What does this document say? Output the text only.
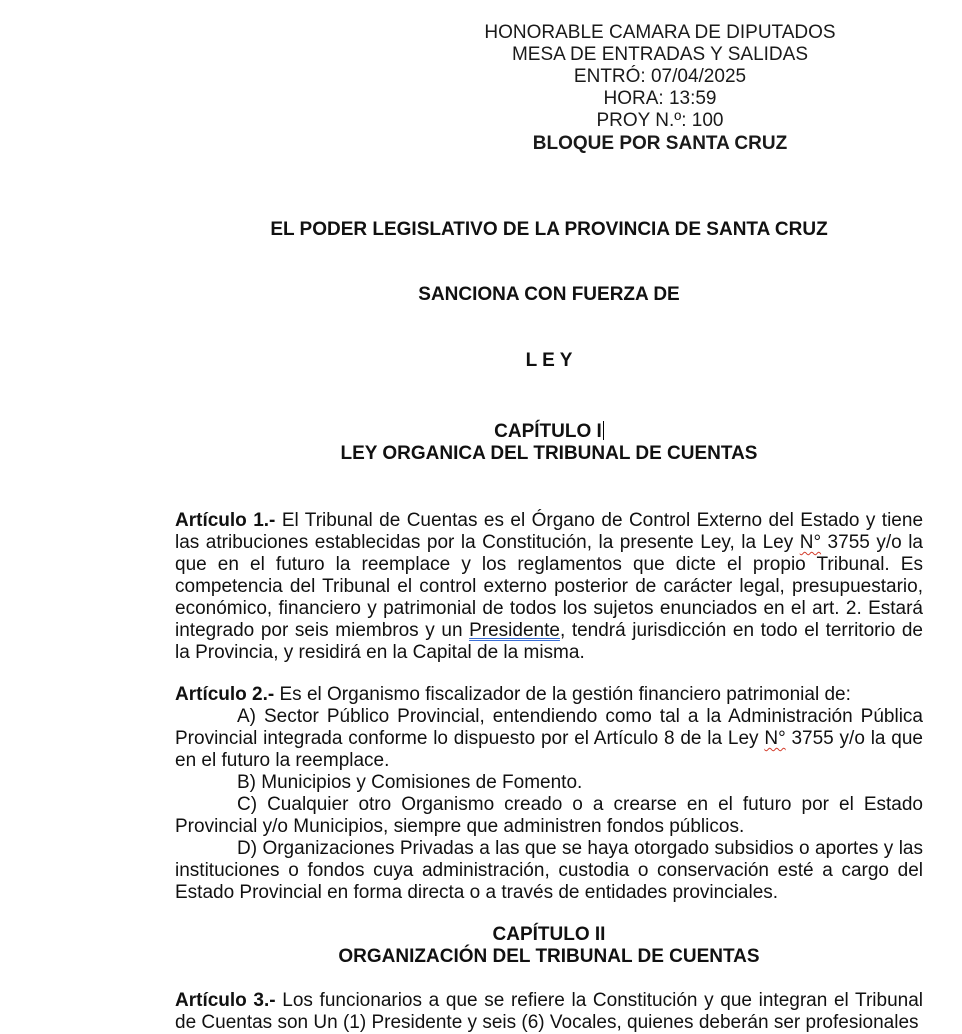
HONORABLE CAMARA DE DIPUTADOS
MESA DE ENTRADAS Y SALIDAS
ENTRÓ: 07/04/2025
HORA: 13:59
PROY N.º: 100
BLOQUE POR SANTA CRUZ
EL PODER LEGISLATIVO DE LA PROVINCIA DE SANTA CRUZ
SANCIONA CON FUERZA DE
L E Y
CAPÍTULO I
LEY ORGANICA DEL TRIBUNAL DE CUENTAS

Artículo 1.- El Tribunal de Cuentas es el Órgano de Control Externo del Estado y tiene las atribuciones establecidas por la Constitución, la presente Ley, la Ley N° 3755 y/o la que en el futuro la reemplace y los reglamentos que dicte el propio Tribunal. Es competencia del Tribunal el control externo posterior de carácter legal, presupuestario, económico, financiero y patrimonial de todos los sujetos enunciados en el art. 2. Estará integrado por seis miembros y un Presidente, tendrá jurisdicción en todo el territorio de la Provincia, y residirá en la Capital de la misma.

Artículo 2.- Es el Organismo fiscalizador de la gestión financiero patrimonial de:

A) Sector Público Provincial, entendiendo como tal a la Administración Pública Provincial integrada conforme lo dispuesto por el Artículo 8 de la Ley N° 3755 y/o la que en el futuro la reemplace.

B) Municipios y Comisiones de Fomento.

C) Cualquier otro Organismo creado o a crearse en el futuro por el Estado Provincial y/o Municipios, siempre que administren fondos públicos.

D) Organizaciones Privadas a las que se haya otorgado subsidios o aportes y las instituciones o fondos cuya administración, custodia o conservación esté a cargo del Estado Provincial en forma directa o a través de entidades provinciales.

CAPÍTULO II
ORGANIZACIÓN DEL TRIBUNAL DE CUENTAS

Artículo 3.- Los funcionarios a que se refiere la Constitución y que integran el Tribunal de Cuentas son Un (1) Presidente y seis (6) Vocales, quienes deberán ser profesionales
